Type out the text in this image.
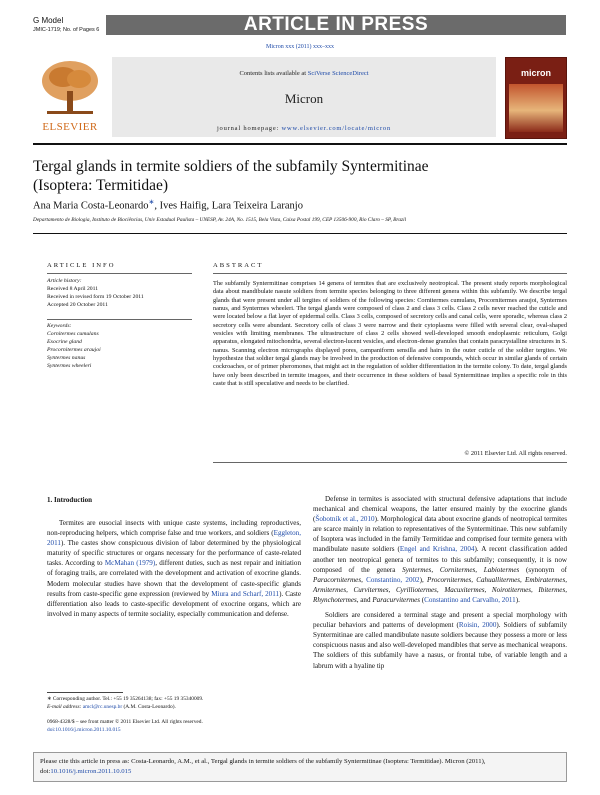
G Model
JMIC-1719; No. of Pages 6	ARTICLE IN PRESS
Micron xxx (2011) xxx–xxx
ELSEVIER
Contents lists available at SciVerse ScienceDirect
Micron
journal homepage: www.elsevier.com/locate/micron
micron
Tergal glands in termite soldiers of the subfamily Syntermitinae
(Isoptera: Termitidae)
Ana Maria Costa-Leonardo∗, Ives Haifig, Lara Teixeira Laranjo
Departamento de Biologia, Instituto de Biociências, Univ Estadual Paulista – UNESP, Av. 24A, No. 1515, Bela Vista, Caixa Postal 199, CEP 13506-900, Rio Claro – SP, Brazil
ARTICLE INFO
Article history:
Received 8 April 2011
Received in revised form 19 October 2011
Accepted 20 October 2011
Keywords:
Cornitermes cumulans
Exocrine gland
Procornitermes araujoi
Syntermes nanus
Syntermes wheeleri
ABSTRACT
The subfamily Syntermitinae comprises 14 genera of termites that are exclusively neotropical. The present study reports morphological data about mandibulate nasute soldiers from termite species belonging to three different genera within this subfamily. We describe tergal glands that were present under all tergites of soldiers of the following species: Cornitermes cumulans, Procornitermes araujoi, Syntermes nanus, and Syntermes wheeleri. The tergal glands were composed of class 2 and class 3 cells. Class 2 cells never reached the cuticle and were located below a flat layer of epidermal cells. Class 3 cells, composed of secretory cells and canal cells, were sporadic, whereas class 2 secretory cells were abundant. Secretory cells of class 3 were narrow and their cytoplasms were filled with several clear, oval-shaped vesicles with limiting membranes. The ultrastructure of class 2 cells showed well-developed smooth endoplasmic reticulum, Golgi apparatus, elongated mitochondria, several electron-lucent vesicles, and electron-dense granules that contain paracrystalline structures in S. nanus. Scanning electron micrographs displayed pores, campaniform sensilla and hairs in the outer cuticle of the soldier tergites. We hypothesize that soldier tergal glands may be involved in the production of defensive compounds, which occur in similar glands of certain cockroaches, or of primer pheromones, that might act in the regulation of soldier differentiation in the termite colony. To date, tergal glands have only been described in termite imagoes, and their occurrence in these soldiers of basal Syntermitinae implies a specific role in this caste that is still speculative and needs to be clarified.
© 2011 Elsevier Ltd. All rights reserved.
1. Introduction

Termites are eusocial insects with unique caste systems, including reproductives, non-reproducing helpers, which comprise false and true workers, and soldiers (Eggleton, 2011). The castes show conspicuous division of labor determined by the physiological maturity of specific structures or organs necessary for the performance of caste-related tasks. According to McMahan (1979), different duties, such as nest repair and initiation of foraging trails, are correlated with the development and activation of exocrine glands. Modern molecular studies have shown that the development of caste-specific glands results from caste-specific gene expression (reviewed by Miura and Scharf, 2011). Caste differentiation also leads to caste-specific development of exocrine organs, which are involved in many aspects of termite sociality, especially communication and defense.

Defense in termites is associated with structural defensive adaptations that include mechanical and chemical weapons, the latter ensured mainly by the exocrine glands (Šobotník et al., 2010). Morphological data about exocrine glands of neotropical termites are scarce mainly in relation to representatives of the Syntermitinae. This new subfamily of Isoptera was included in the family Termitidae and comprised four termite genera with mandibulate nasute soldiers (Engel and Krishna, 2004). A recent classification added another ten neotropical genera of termites to this subfamily; consequently, it is now composed of the genera Syntermes, Cornitermes, Labiotermes (synonym of Paracornitermes, Constantino, 2002), Procornitermes, Cahuallitermes, Embiratermes, Armitermes, Curvitermes, Cyrilliotermes, Macuxitermes, Noirotitermes, Ibitermes, Rhynchotermes, and Paracurvitermes (Constantino and Carvalho, 2011).

Soldiers are considered a terminal stage and present a special morphology with peculiar behaviors and patterns of development (Roisin, 2000). Soldiers of subfamily Syntermitinae are called mandibulate nasute soldiers because they possess a more or less conspicuous nasus and also well-developed mandibles that serve as mechanical weapons. The soldiers of this subfamily have a nasus, or frontal tube, of variable length and a labrum with a hyaline tip

∗ Corresponding author. Tel.: +55 19 35264138; fax: +55 19 35340009.
E-mail address: amcl@rc.unesp.br (A.M. Costa-Leonardo).
0968-4328/$ – see front matter © 2011 Elsevier Ltd. All rights reserved.
doi:10.1016/j.micron.2011.10.015
Please cite this article in press as: Costa-Leonardo, A.M., et al., Tergal glands in termite soldiers of the subfamily Syntermitinae (Isoptera: Termitidae). Micron (2011), doi:10.1016/j.micron.2011.10.015
